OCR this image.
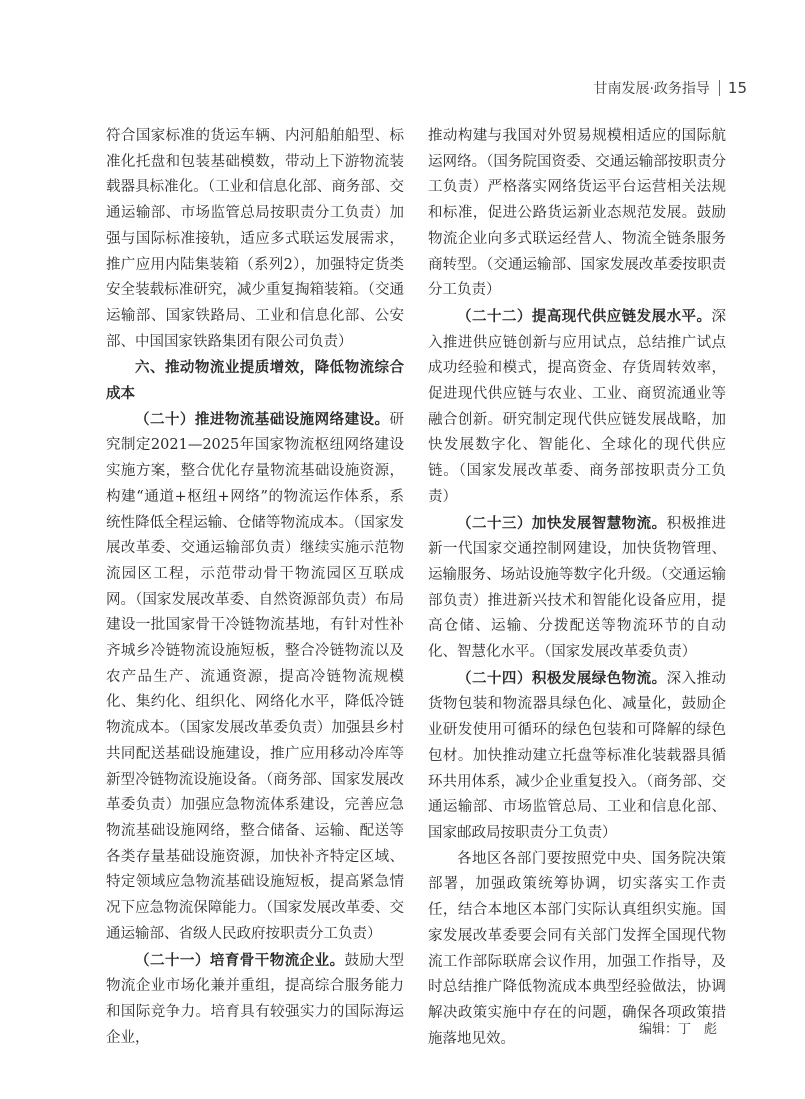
甘南发展·政务指导 15

符合国家标准的货运车辆、内河船舶船型、标准化托盘和包装基础模数，带动上下游物流装载器具标准化。（工业和信息化部、商务部、交通运输部、市场监管总局按职责分工负责）加强与国际标准接轨，适应多式联运发展需求，推广应用内陆集装箱（系列2），加强特定货类安全装载标准研究，减少重复掏箱装箱。（交通运输部、国家铁路局、工业和信息化部、公安部、中国国家铁路集团有限公司负责）

六、推动物流业提质增效，降低物流综合成本

（二十）推进物流基础设施网络建设。研究制定2021—2025年国家物流枢纽网络建设实施方案，整合优化存量物流基础设施资源，构建“通道+枢纽+网络”的物流运作体系，系统性降低全程运输、仓储等物流成本。（国家发展改革委、交通运输部负责）继续实施示范物流园区工程，示范带动骨干物流园区互联成网。（国家发展改革委、自然资源部负责）布局建设一批国家骨干冷链物流基地，有针对性补齐城乡冷链物流设施短板，整合冷链物流以及农产品生产、流通资源，提高冷链物流规模化、集约化、组织化、网络化水平，降低冷链物流成本。（国家发展改革委负责）加强县乡村共同配送基础设施建设，推广应用移动冷库等新型冷链物流设施设备。（商务部、国家发展改革委负责）加强应急物流体系建设，完善应急物流基础设施网络，整合储备、运输、配送等各类存量基础设施资源，加快补齐特定区域、特定领域应急物流基础设施短板，提高紧急情况下应急物流保障能力。（国家发展改革委、交通运输部、省级人民政府按职责分工负责）

（二十一）培育骨干物流企业。鼓励大型物流企业市场化兼并重组，提高综合服务能力和国际竞争力。培育具有较强实力的国际海运企业，

推动构建与我国对外贸易规模相适应的国际航运网络。（国务院国资委、交通运输部按职责分工负责）严格落实网络货运平台运营相关法规和标准，促进公路货运新业态规范发展。鼓励物流企业向多式联运经营人、物流全链条服务商转型。（交通运输部、国家发展改革委按职责分工负责）

（二十二）提高现代供应链发展水平。深入推进供应链创新与应用试点，总结推广试点成功经验和模式，提高资金、存货周转效率，促进现代供应链与农业、工业、商贸流通业等融合创新。研究制定现代供应链发展战略，加快发展数字化、智能化、全球化的现代供应链。（国家发展改革委、商务部按职责分工负责）

（二十三）加快发展智慧物流。积极推进新一代国家交通控制网建设，加快货物管理、运输服务、场站设施等数字化升级。（交通运输部负责）推进新兴技术和智能化设备应用，提高仓储、运输、分拨配送等物流环节的自动化、智慧化水平。（国家发展改革委负责）

（二十四）积极发展绿色物流。深入推动货物包装和物流器具绿色化、减量化，鼓励企业研发使用可循环的绿色包装和可降解的绿色包材。加快推动建立托盘等标准化装载器具循环共用体系，减少企业重复投入。（商务部、交通运输部、市场监管总局、工业和信息化部、国家邮政局按职责分工负责）

各地区各部门要按照党中央、国务院决策部署，加强政策统筹协调，切实落实工作责任，结合本地区本部门实际认真组织实施。国家发展改革委要会同有关部门发挥全国现代物流工作部际联席会议作用，加强工作指导，及时总结推广降低物流成本典型经验做法，协调解决政策实施中存在的问题，确保各项政策措施落地见效。

编辑：丁　彪
